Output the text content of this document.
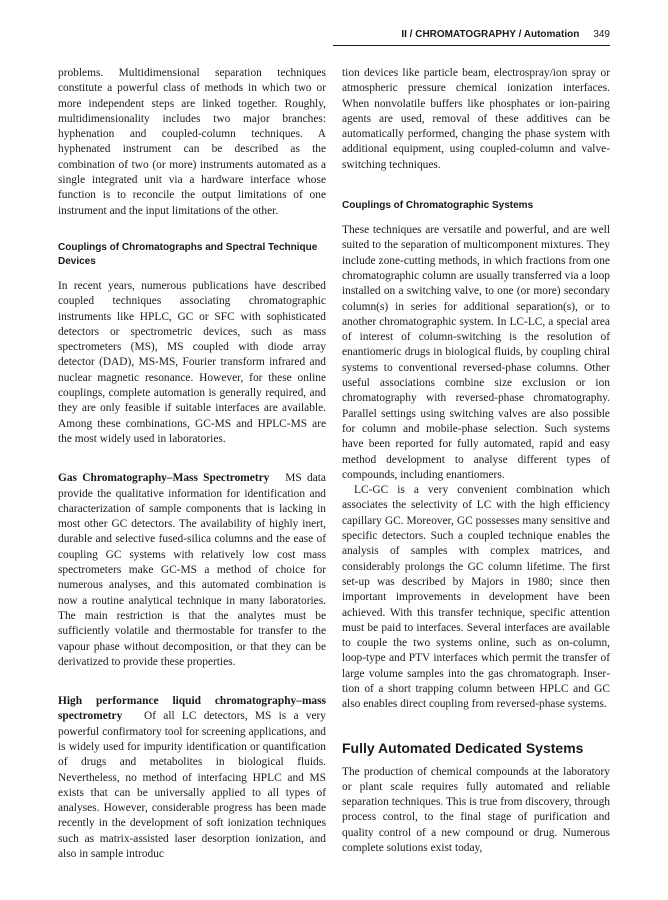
II / CHROMATOGRAPHY / Automation 349

problems. Multidimensional separation techniques constitute a powerful class of methods in which two or more independent steps are linked together. Roughly, multidimensionality includes two major branches: hyphenation and coupled-column techniques. A hyphenated instrument can be described as the combination of two (or more) instruments automated as a single integrated unit via a hardware interface whose function is to reconcile the output limitations of one instrument and the input limitations of the other.

Couplings of Chromatographs and Spectral Technique Devices

In recent years, numerous publications have described coupled techniques associating chromatographic instruments like HPLC, GC or SFC with sophisticated detectors or spectrometric devices, such as mass spectrometers (MS), MS coupled with diode array detector (DAD), MS-MS, Fourier transform infrared and nuclear magnetic resonance. However, for these online couplings, complete automation is generally required, and they are only feasible if suitable interfaces are available. Among these combinations, GC-MS and HPLC-MS are the most widely used in laboratories.

Gas Chromatography–Mass Spectrometry MS data provide the qualitative information for identification and characterization of sample components that is lacking in most other GC detectors. The availability of highly inert, durable and selective fused-silica columns and the ease of coupling GC systems with relatively low cost mass spectrometers make GC-MS a method of choice for numerous analyses, and this automated combination is now a routine analytical technique in many laboratories. The main restriction is that the analytes must be sufficiently volatile and thermostable for transfer to the vapour phase without decomposition, or that they can be derivatized to provide these properties.

High performance liquid chromatography–mass spectrometry Of all LC detectors, MS is a very powerful confirmatory tool for screening applications, and is widely used for impurity identification or quantification of drugs and metabolites in biological fluids. Nevertheless, no method of interfacing HPLC and MS exists that can be universally applied to all types of analyses. However, considerable progress has been made recently in the development of soft ionization techniques such as matrix-assisted laser desorption ionization, and also in sample introduc

tion devices like particle beam, electrospray/ion spray or atmospheric pressure chemical ionization interfaces. When nonvolatile buffers like phosphates or ion-pairing agents are used, removal of these additives can be automatically performed, changing the phase system with additional equipment, using coupled-column and valve-switching techniques.

Couplings of Chromatographic Systems

These techniques are versatile and powerful, and are well suited to the separation of multicomponent mixtures. They include zone-cutting methods, in which fractions from one chromatographic column are usually transferred via a loop installed on a switching valve, to one (or more) secondary column(s) in series for additional separation(s), or to another chromatographic system. In LC-LC, a special area of interest of column-switching is the resolution of enantiomeric drugs in biological fluids, by coupling chiral systems to conventional reversed-phase columns. Other useful associations combine size exclusion or ion chromatography with reversed-phase chromatography. Parallel settings using switching valves are also possible for column and mobile-phase selection. Such systems have been reported for fully automated, rapid and easy method development to analyse different types of compounds, including enantiomers.

LC-GC is a very convenient combination which associates the selectivity of LC with the high efficiency capillary GC. Moreover, GC possesses many sensitive and specific detectors. Such a coupled technique enables the analysis of samples with complex matrices, and considerably prolongs the GC column lifetime. The first set-up was described by Majors in 1980; since then important improvements in development have been achieved. With this transfer technique, specific attention must be paid to interfaces. Several interfaces are available to couple the two systems online, such as on-column, loop-type and PTV interfaces which permit the transfer of large volume samples into the gas chromatograph. Insertion of a short trapping column between HPLC and GC also enables direct coupling from reversed-phase systems.

Fully Automated Dedicated Systems

The production of chemical compounds at the laboratory or plant scale requires fully automated and reliable separation techniques. This is true from discovery, through process control, to the final stage of purification and quality control of a new compound or drug. Numerous complete solutions exist today,
